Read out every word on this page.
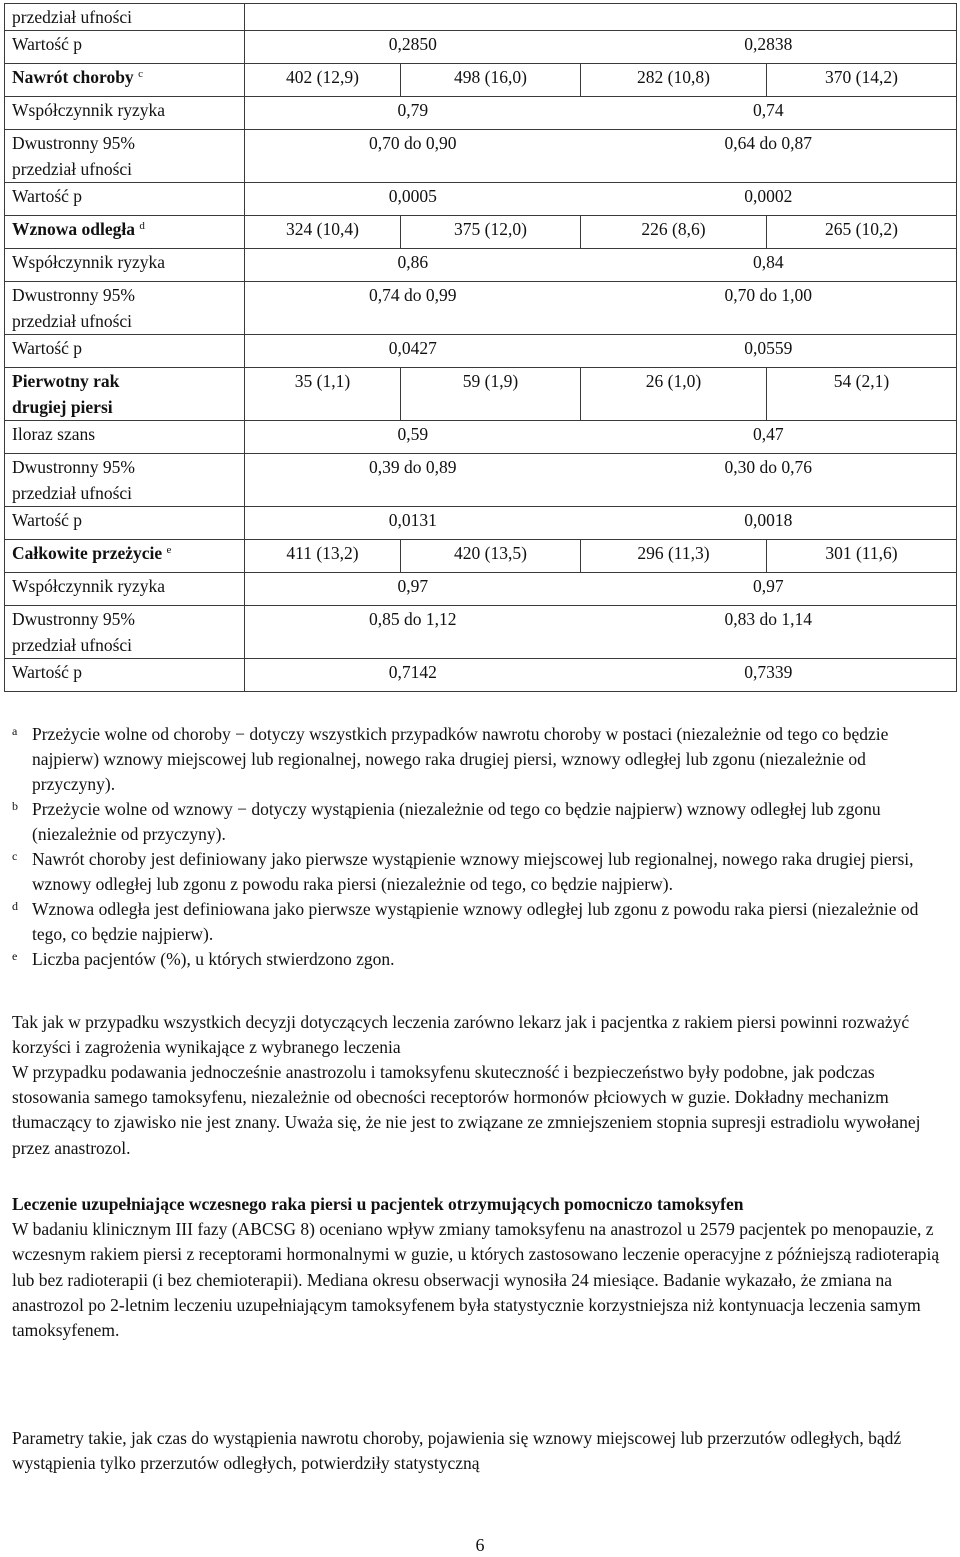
przedział ufności				
Wartość p	0,2850		0,2838	
Nawrót choroby $^c$	402 (12,9)	498 (16,0)	282 (10,8)	370 (14,2)
Współczynnik ryzyka	0,79		0,74	
Dwustronny 95%
przedział ufności	0,70 do 0,90		0,64 do 0,87	
Wartość p	0,0005		0,0002	
Wznowa odległa $^d$	324 (10,4)	375 (12,0)	226 (8,6)	265 (10,2)
Współczynnik ryzyka	0,86		0,84	
Dwustronny 95%
przedział ufności	0,74 do 0,99		0,70 do 1,00	
Wartość p	0,0427		0,0559	
Pierwotny rak
drugiej piersi	35 (1,1)	59 (1,9)	26 (1,0)	54 (2,1)
Iloraz szans	0,59		0,47	
Dwustronny 95%
przedział ufności	0,39 do 0,89		0,30 do 0,76	
Wartość p	0,0131		0,0018	
Całkowite przeżycie $^e$	411 (13,2)	420 (13,5)	296 (11,3)	301 (11,6)
Współczynnik ryzyka	0,97		0,97	
Dwustronny 95%
przedział ufności	0,85 do 1,12		0,83 do 1,14	
Wartość p	0,7142		0,7339	
a Przeżycie wolne od choroby − dotyczy wszystkich przypadków nawrotu choroby w postaci (niezależnie od tego co będzie najpierw) wznowy miejscowej lub regionalnej, nowego raka drugiej piersi, wznowy odległej lub zgonu (niezależnie od przyczyny).
b Przeżycie wolne od wznowy − dotyczy wystąpienia (niezależnie od tego co będzie najpierw) wznowy odległej lub zgonu (niezależnie od przyczyny).
c Nawrót choroby jest definiowany jako pierwsze wystąpienie wznowy miejscowej lub regionalnej, nowego raka drugiej piersi, wznowy odległej lub zgonu z powodu raka piersi (niezależnie od tego, co będzie najpierw).
d Wznowa odległa jest definiowana jako pierwsze wystąpienie wznowy odległej lub zgonu z powodu raka piersi (niezależnie od tego, co będzie najpierw).
e Liczba pacjentów (%), u których stwierdzono zgon.

Tak jak w przypadku wszystkich decyzji dotyczących leczenia zarówno lekarz jak i pacjentka z rakiem piersi powinni rozważyć korzyści i zagrożenia wynikające z wybranego leczenia

W przypadku podawania jednocześnie anastrozolu i tamoksyfenu skuteczność i bezpieczeństwo były podobne, jak podczas stosowania samego tamoksyfenu, niezależnie od obecności receptorów hormonów płciowych w guzie. Dokładny mechanizm tłumaczący to zjawisko nie jest znany. Uważa się, że nie jest to związane ze zmniejszeniem stopnia supresji estradiolu wywołanej przez anastrozol.

Leczenie uzupełniające wczesnego raka piersi u pacjentek otrzymujących pomocniczo tamoksyfen

W badaniu klinicznym III fazy (ABCSG 8) oceniano wpływ zmiany tamoksyfenu na anastrozol u 2579 pacjentek po menopauzie, z wczesnym rakiem piersi z receptorami hormonalnymi w guzie, u których zastosowano leczenie operacyjne z późniejszą radioterapią lub bez radioterapii (i bez chemioterapii). Mediana okresu obserwacji wynosiła 24 miesiące. Badanie wykazało, że zmiana na anastrozol po 2-letnim leczeniu uzupełniającym tamoksyfenem była statystycznie korzystniejsza niż kontynuacja leczenia samym tamoksyfenem.

Parametry takie, jak czas do wystąpienia nawrotu choroby, pojawienia się wznowy miejscowej lub przerzutów odległych, bądź wystąpienia tylko przerzutów odległych, potwierdziły statystyczną

6
